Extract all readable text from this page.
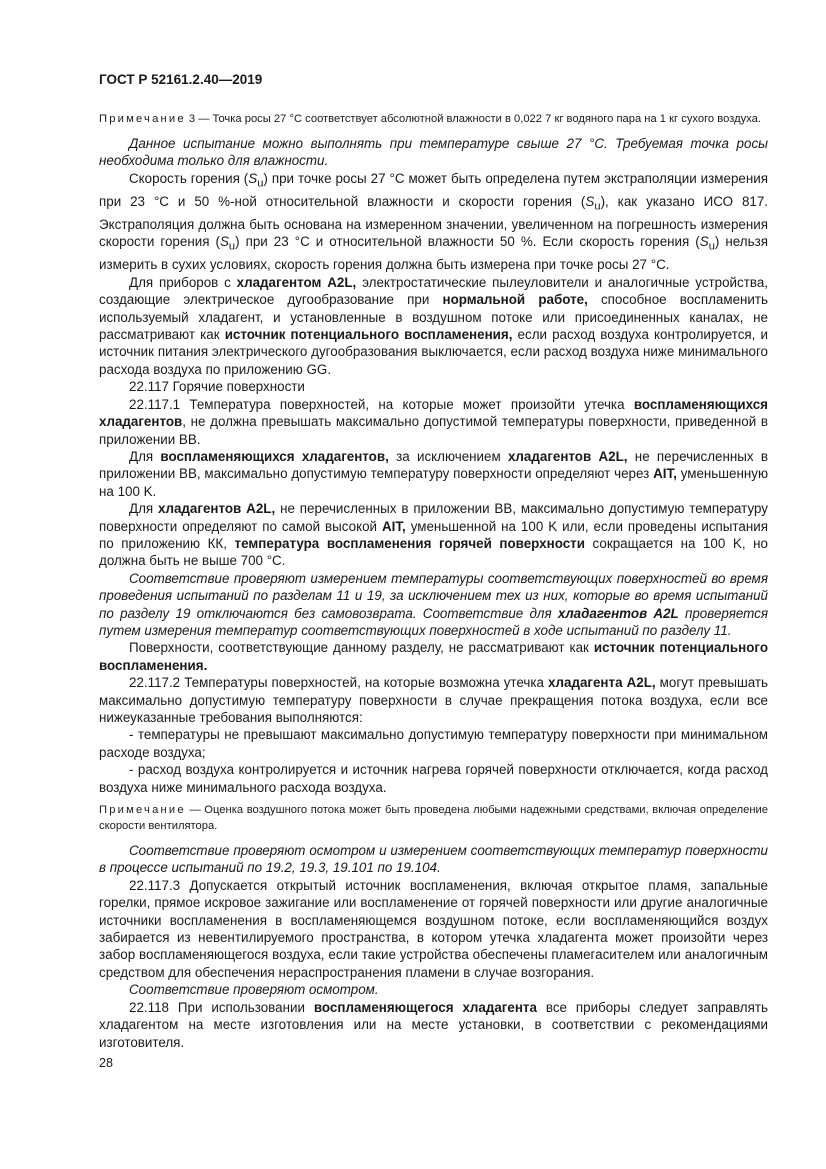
ГОСТ Р 52161.2.40—2019

Примечание 3 — Точка росы 27 °С соответствует абсолютной влажности в 0,022 7 кг водяного пара на 1 кг сухого воздуха.

Данное испытание можно выполнять при температуре свыше 27 °С. Требуемая точка росы необходима только для влажности.

Скорость горения $(S_u)$ при точке росы 27 °С может быть определена путем экстраполяции измерения при 23 °С и 50 %-ной относительной влажности и скорости горения $(S_u)$, как указано ИСО 817. Экстраполяция должна быть основана на измеренном значении, увеличенном на погрешность измерения скорости горения $(S_u)$ при 23 °С и относительной влажности 50 %. Если скорость горения $(S_u)$ нельзя измерить в сухих условиях, скорость горения должна быть измерена при точке росы 27 °С.

Для приборов с хладагентом A2L, электростатические пылеуловители и аналогичные устройства, создающие электрическое дугообразование при нормальной работе, способное воспламенить используемый хладагент, и установленные в воздушном потоке или присоединенных каналах, не рассматривают как источник потенциального воспламенения, если расход воздуха контролируется, и источник питания электрического дугообразования выключается, если расход воздуха ниже минимального расхода воздуха по приложению GG.

22.117 Горячие поверхности

22.117.1 Температура поверхностей, на которые может произойти утечка воспламеняющихся хладагентов, не должна превышать максимально допустимой температуры поверхности, приведенной в приложении ВВ.

Для воспламеняющихся хладагентов, за исключением хладагентов A2L, не перечисленных в приложении ВВ, максимально допустимую температуру поверхности определяют через AIT, уменьшенную на 100 K.

Для хладагентов A2L, не перечисленных в приложении ВВ, максимально допустимую температуру поверхности определяют по самой высокой AIT, уменьшенной на 100 K или, если проведены испытания по приложению КК, температура воспламенения горячей поверхности сокращается на 100 K, но должна быть не выше 700 °С.

Соответствие проверяют измерением температуры соответствующих поверхностей во время проведения испытаний по разделам 11 и 19, за исключением тех из них, которые во время испытаний по разделу 19 отключаются без самовозврата. Соответствие для хладагентов A2L проверяется путем измерения температур соответствующих поверхностей в ходе испытаний по разделу 11.

Поверхности, соответствующие данному разделу, не рассматривают как источник потенциального воспламенения.

22.117.2 Температуры поверхностей, на которые возможна утечка хладагента A2L, могут превышать максимально допустимую температуру поверхности в случае прекращения потока воздуха, если все нижеуказанные требования выполняются:

- температуры не превышают максимально допустимую температуру поверхности при минимальном расходе воздуха;

- расход воздуха контролируется и источник нагрева горячей поверхности отключается, когда расход воздуха ниже минимального расхода воздуха.

Примечание — Оценка воздушного потока может быть проведена любыми надежными средствами, включая определение скорости вентилятора.

Соответствие проверяют осмотром и измерением соответствующих температур поверхности в процессе испытаний по 19.2, 19.3, 19.101 по 19.104.

22.117.3 Допускается открытый источник воспламенения, включая открытое пламя, запальные горелки, прямое искровое зажигание или воспламенение от горячей поверхности или другие аналогичные источники воспламенения в воспламеняющемся воздушном потоке, если воспламеняющийся воздух забирается из невентилируемого пространства, в котором утечка хладагента может произойти через забор воспламеняющегося воздуха, если такие устройства обеспечены пламегасителем или аналогичным средством для обеспечения нераспространения пламени в случае возгорания.

Соответствие проверяют осмотром.

22.118 При использовании воспламеняющегося хладагента все приборы следует заправлять хладагентом на месте изготовления или на месте установки, в соответствии с рекомендациями изготовителя.

28
